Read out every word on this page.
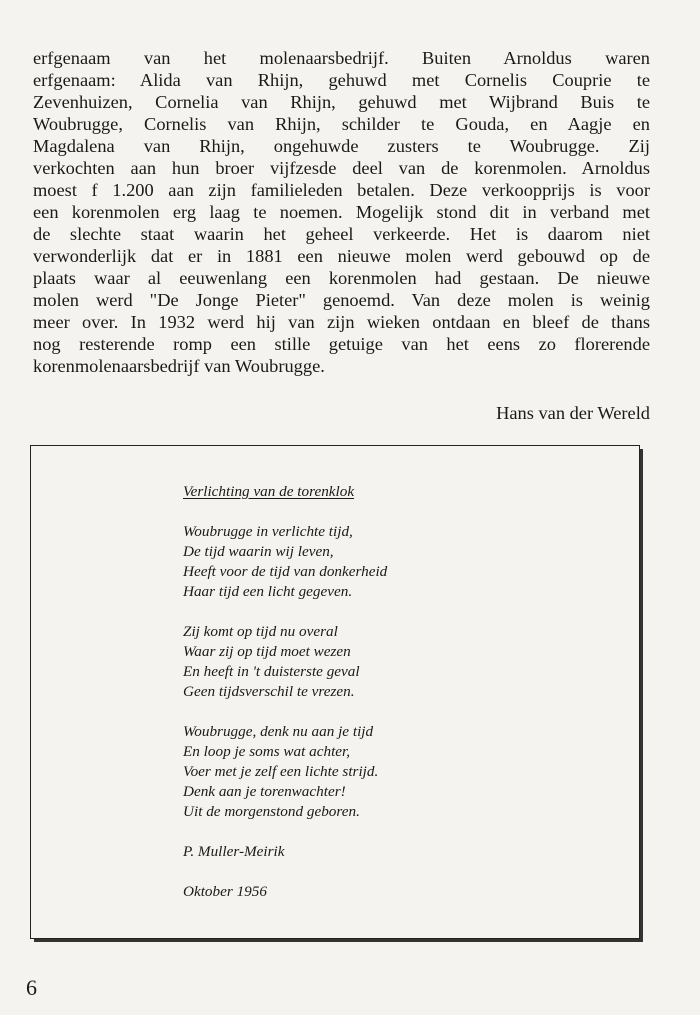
erfgenaam van het molenaarsbedrijf. Buiten Arnoldus waren
erfgenaam: Alida van Rhijn, gehuwd met Cornelis Couprie te
Zevenhuizen, Cornelia van Rhijn, gehuwd met Wijbrand Buis te
Woubrugge, Cornelis van Rhijn, schilder te Gouda, en Aagje en
Magdalena van Rhijn, ongehuwde zusters te Woubrugge. Zij
verkochten aan hun broer vijfzesde deel van de korenmolen. Arnoldus
moest f 1.200 aan zijn familieleden betalen. Deze verkoopprijs is voor
een korenmolen erg laag te noemen. Mogelijk stond dit in verband met
de slechte staat waarin het geheel verkeerde. Het is daarom niet
verwonderlijk dat er in 1881 een nieuwe molen werd gebouwd op de
plaats waar al eeuwenlang een korenmolen had gestaan. De nieuwe
molen werd "De Jonge Pieter" genoemd. Van deze molen is weinig
meer over. In 1932 werd hij van zijn wieken ontdaan en bleef de thans
nog resterende romp een stille getuige van het eens zo florerende
korenmolenaarsbedrijf van Woubrugge.
Hans van der Wereld
Verlichting van de torenklok
Woubrugge in verlichte tijd,
De tijd waarin wij leven,
Heeft voor de tijd van donkerheid
Haar tijd een licht gegeven.
Zij komt op tijd nu overal
Waar zij op tijd moet wezen
En heeft in 't duisterste geval
Geen tijdsverschil te vrezen.
Woubrugge, denk nu aan je tijd
En loop je soms wat achter,
Voer met je zelf een lichte strijd.
Denk aan je torenwachter!
Uit de morgenstond geboren.
P. Muller-Meirik
Oktober 1956
6
